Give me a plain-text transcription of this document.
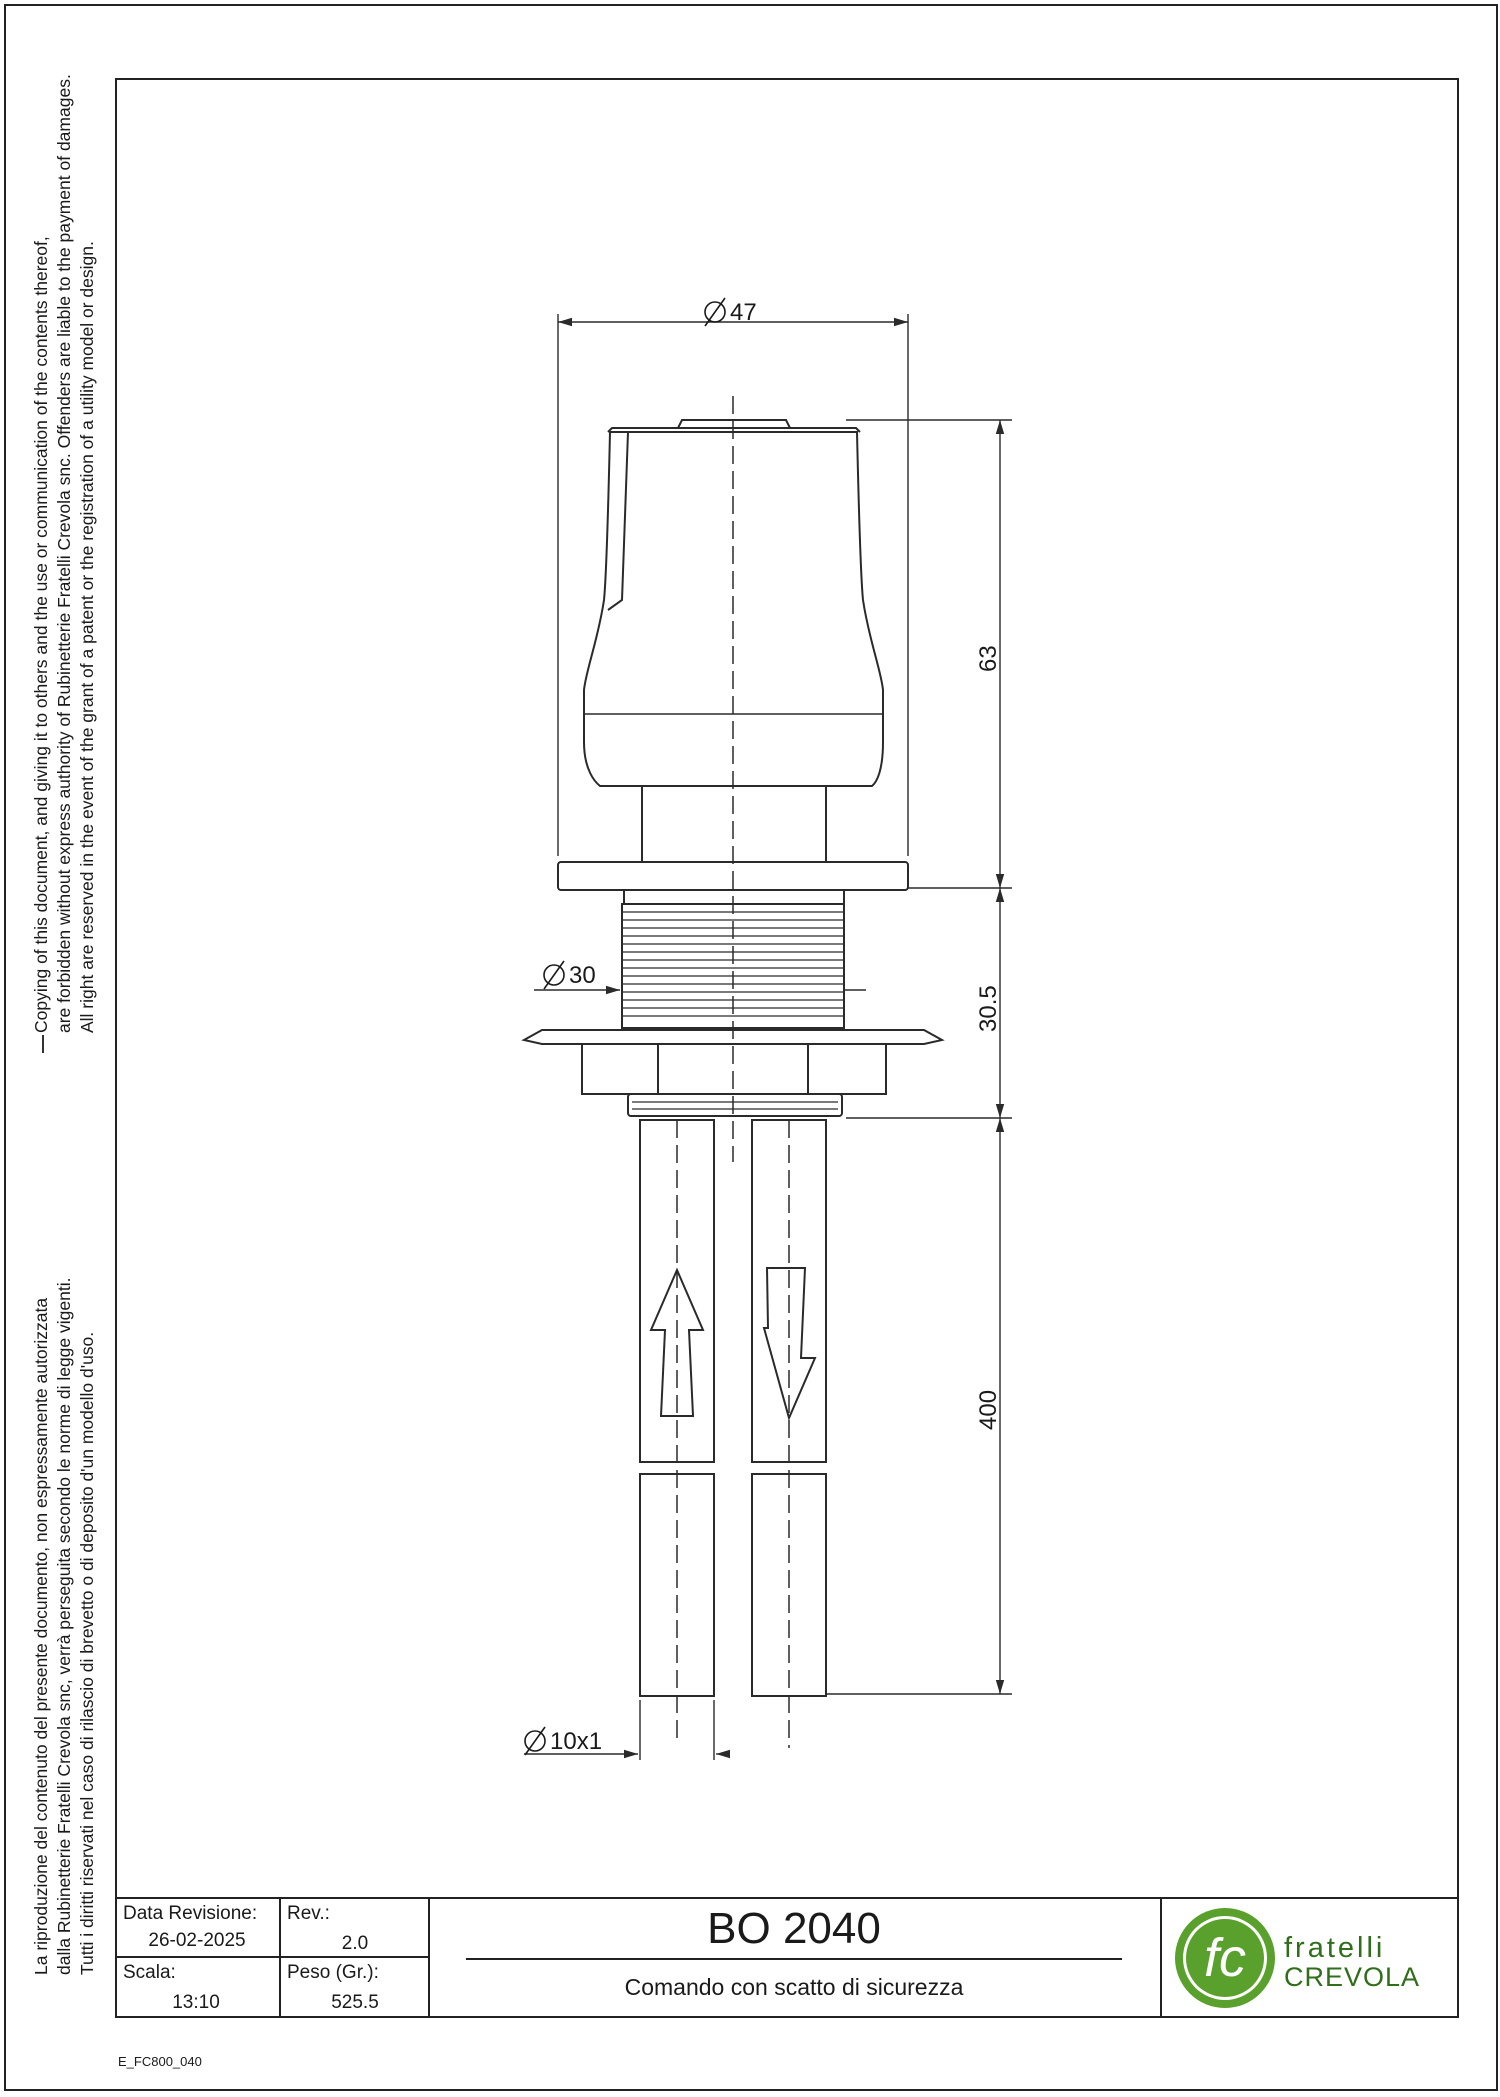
Copying of this document, and giving it to others and the use or communication of the contents thereof, are forbidden without express authority of Rubinetterie Fratelli Crevola snc. Offenders are liable to the payment of damages. All right are reserved in the event of the grant of a patent or the registration of a utility model or design.
La riproduzione del contenuto del presente documento, non espressamente autorizzata dalla Rubinetterie Fratelli Crevola snc, verrà perseguita secondo le norme di legge vigenti. Tutti i diritti riservati nel caso di rilascio di brevetto o di deposito d'un modello d'uso.
47
30
10x1
63
30.5
400
Data Revisione:
26-02-2025
Rev.:
2.0
Scala:
13:10
Peso (Gr.):
525.5
BO 2040
Comando con scatto di sicurezza	fc fratelli
CREVOLA
E_FC800_040
